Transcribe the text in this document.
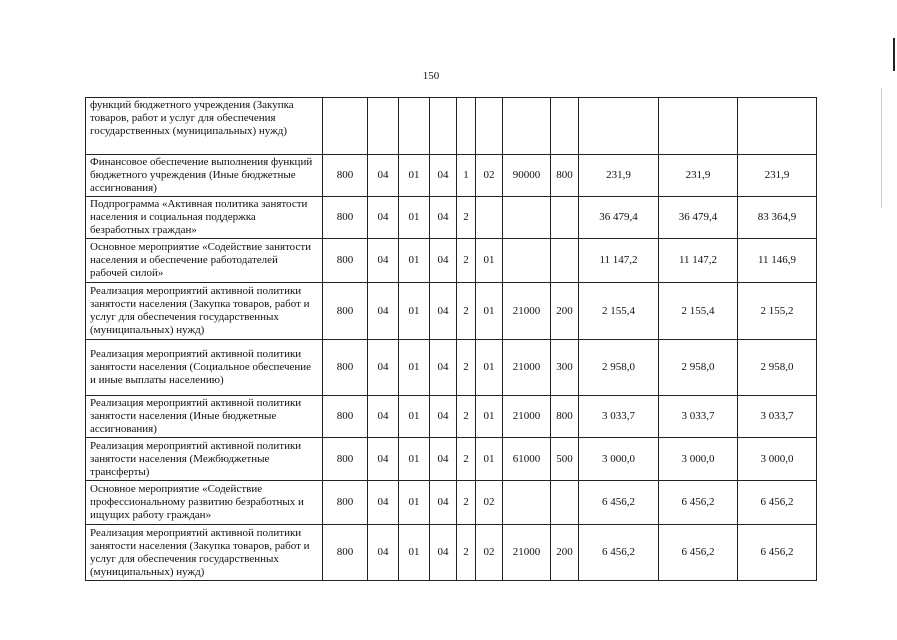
150
функций бюджетного учреждения (Закупка товаров, работ и услуг для обеспечения государственных (муниципальных) нужд)											
Финансовое обеспечение выполнения функций бюджетного учреждения (Иные бюджетные ассигнования)	800	04	01	04	1	02	90000	800	231,9	231,9	231,9
Подпрограмма «Активная политика занятости населения и социальная поддержка безработных граждан»	800	04	01	04	2				36 479,4	36 479,4	83 364,9
Основное мероприятие «Содействие занятости населения и обеспечение работодателей рабочей силой»	800	04	01	04	2	01			11 147,2	11 147,2	11 146,9
Реализация мероприятий активной политики занятости населения (Закупка товаров, работ и услуг для обеспечения государственных (муниципальных) нужд)	800	04	01	04	2	01	21000	200	2 155,4	2 155,4	2 155,2
Реализация мероприятий активной политики занятости населения (Социальное обеспечение и иные выплаты населению)	800	04	01	04	2	01	21000	300	2 958,0	2 958,0	2 958,0
Реализация мероприятий активной политики занятости населения (Иные бюджетные ассигнования)	800	04	01	04	2	01	21000	800	3 033,7	3 033,7	3 033,7
Реализация мероприятий активной политики занятости населения (Межбюджетные трансферты)	800	04	01	04	2	01	61000	500	3 000,0	3 000,0	3 000,0
Основное мероприятие «Содействие профессиональному развитию безработных и ищущих работу граждан»	800	04	01	04	2	02			6 456,2	6 456,2	6 456,2
Реализация мероприятий активной политики занятости населения (Закупка товаров, работ и услуг для обеспечения государственных (муниципальных) нужд)	800	04	01	04	2	02	21000	200	6 456,2	6 456,2	6 456,2
